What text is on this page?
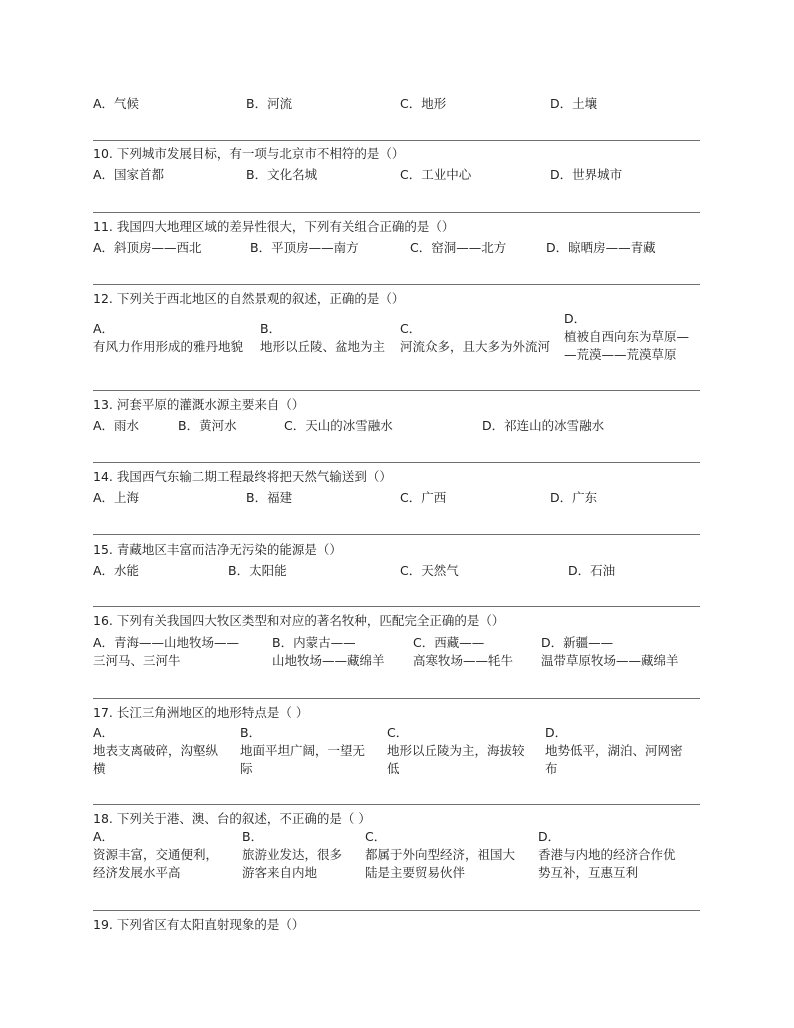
A．气候	B．河流	C．地形	D．土壤
10. 下列城市发展目标，有一项与北京市不相符的是（）
A．国家首都	B．文化名城	C．工业中心	D．世界城市
11. 我国四大地理区域的差异性很大，下列有关组合正确的是（）
A．斜顶房——西北	B．平顶房——南方	C．窑洞——北方	D．晾晒房——青藏
12. 下列关于西北地区的自然景观的叙述，正确的是（）
A．
有风力作用形成的雅丹地貌
B．
地形以丘陵、盆地为主
C．
河流众多，且大多为外流河
D．
植被自西向东为草原—
—荒漠——荒漠草原
13. 河套平原的灌溉水源主要来自（）
A．雨水	B．黄河水	C．天山的冰雪融水	D．祁连山的冰雪融水
14. 我国西气东输二期工程最终将把天然气输送到（）
A．上海	B．福建	C．广西	D．广东
15. 青藏地区丰富而洁净无污染的能源是（）
A．水能	B．太阳能	C．天然气	D．石油
16. 下列有关我国四大牧区类型和对应的著名牧种，匹配完全正确的是（）
A．青海——山地牧场——
三河马、三河牛
B．内蒙古——
山地牧场——藏绵羊
C．西藏——
高寒牧场——牦牛
D．新疆——
温带草原牧场——藏绵羊
17. 长江三角洲地区的地形特点是（ ）
A．
地表支离破碎，沟壑纵
横
B．
地面平坦广阔，一望无
际
C．
地形以丘陵为主，海拔较
低
D．
地势低平，湖泊、河网密
布
18. 下列关于港、澳、台的叙述，不正确的是（ ）
A．
资源丰富，交通便利，
经济发展水平高
B．
旅游业发达，很多
游客来自内地
C．
都属于外向型经济，祖国大
陆是主要贸易伙伴
D．
香港与内地的经济合作优
势互补，互惠互利
19. 下列省区有太阳直射现象的是（）
